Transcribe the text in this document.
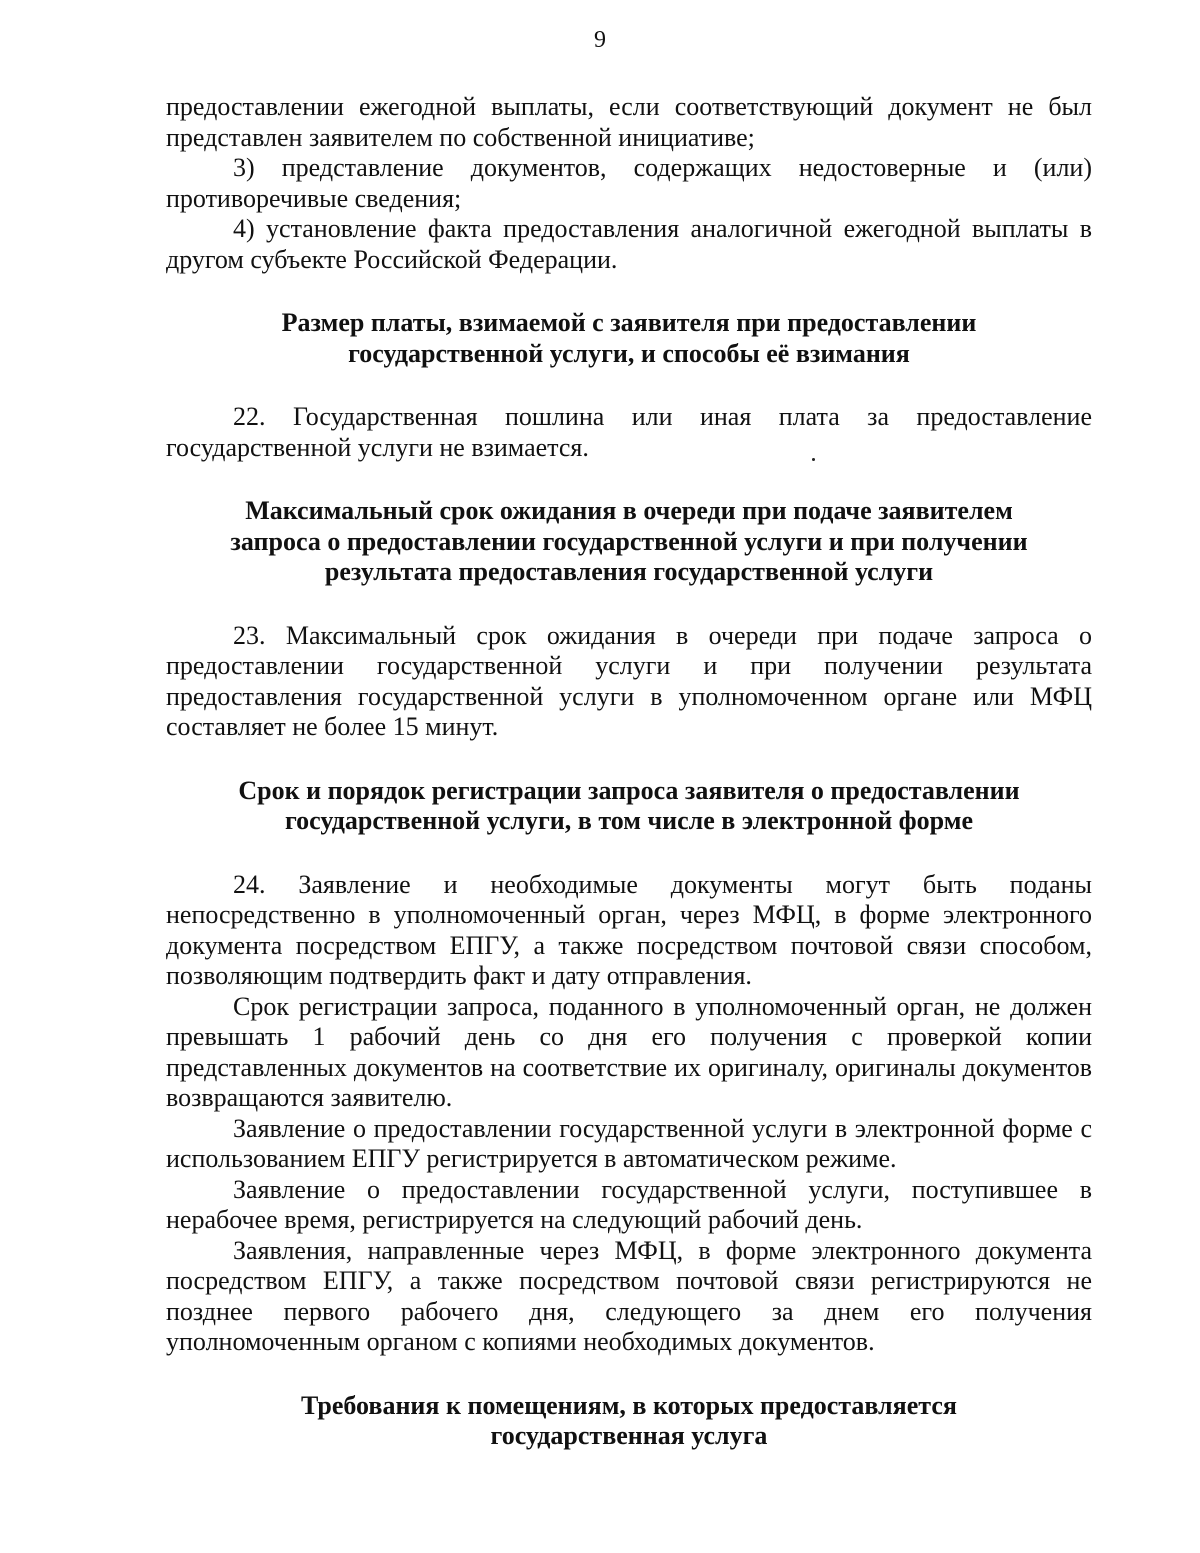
9

предоставлении ежегодной выплаты, если соответствующий документ не был представлен заявителем по собственной инициативе;

3) представление документов, содержащих недостоверные и (или) противоречивые сведения;

4) установление факта предоставления аналогичной ежегодной выплаты в другом субъекте Российской Федерации.

Размер платы, взимаемой с заявителя при предоставлении

государственной услуги, и способы её взимания

22. Государственная пошлина или иная плата за предоставление государственной услуги не взимается.

Максимальный срок ожидания в очереди при подаче заявителем

запроса о предоставлении государственной услуги и при получении

результата предоставления государственной услуги

23. Максимальный срок ожидания в очереди при подаче запроса о предоставлении государственной услуги и при получении результата предоставления государственной услуги в уполномоченном органе или МФЦ составляет не более 15 минут.

Срок и порядок регистрации запроса заявителя о предоставлении

государственной услуги, в том числе в электронной форме

24. Заявление и необходимые документы могут быть поданы непосредственно в уполномоченный орган, через МФЦ, в форме электронного документа посредством ЕПГУ, а также посредством почтовой связи способом, позволяющим подтвердить факт и дату отправления.

Срок регистрации запроса, поданного в уполномоченный орган, не должен превышать 1 рабочий день со дня его получения с проверкой копии представленных документов на соответствие их оригиналу, оригиналы документов возвращаются заявителю.

Заявление о предоставлении государственной услуги в электронной форме с использованием ЕПГУ регистрируется в автоматическом режиме.

Заявление о предоставлении государственной услуги, поступившее в нерабочее время, регистрируется на следующий рабочий день.

Заявления, направленные через МФЦ, в форме электронного документа посредством ЕПГУ, а также посредством почтовой связи регистрируются не позднее первого рабочего дня, следующего за днем его получения уполномоченным органом с копиями необходимых документов.

Требования к помещениям, в которых предоставляется

государственная услуга
